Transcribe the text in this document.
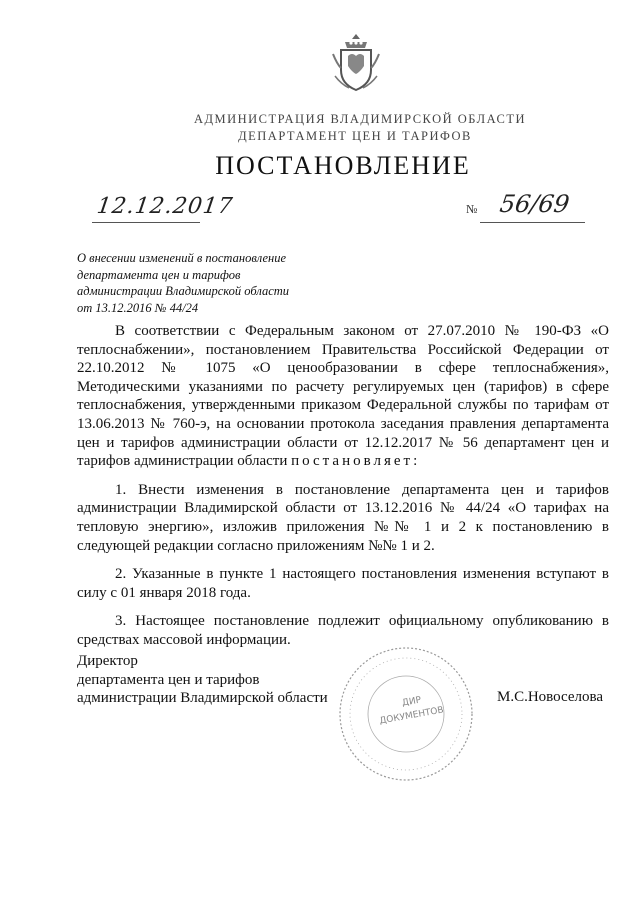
АДМИНИСТРАЦИЯ ВЛАДИМИРСКОЙ ОБЛАСТИ
ДЕПАРТАМЕНТ ЦЕН И ТАРИФОВ
ПОСТАНОВЛЕНИЕ
12.12.2017	№ 56/69
О внесении изменений в постановление
департамента цен и тарифов
администрации Владимирской области
от 13.12.2016 № 44/24

В соответствии с Федеральным законом от 27.07.2010 № 190-ФЗ «О теплоснабжении», постановлением Правительства Российской Федерации от 22.10.2012 № 1075 «О ценообразовании в сфере теплоснабжения», Методическими указаниями по расчету регулируемых цен (тарифов) в сфере теплоснабжения, утвержденными приказом Федеральной службы по тарифам от 13.06.2013 № 760-э, на основании протокола заседания правления департамента цен и тарифов администрации области от 12.12.2017 № 56 департамент цен и тарифов администрации области постановляет:

1. Внести изменения в постановление департамента цен и тарифов администрации Владимирской области от 13.12.2016 № 44/24 «О тарифах на тепловую энергию», изложив приложения №№ 1 и 2 к постановлению в следующей редакции согласно приложениям №№ 1 и 2.

2. Указанные в пункте 1 настоящего постановления изменения вступают в силу с 01 января 2018 года.

3. Настоящее постановление подлежит официальному опубликованию в средствах массовой информации.

Директор
департамента цен и тарифов
администрации Владимирской области	ДИР
ДОКУМЕНТОВ
М.С.Новоселова
